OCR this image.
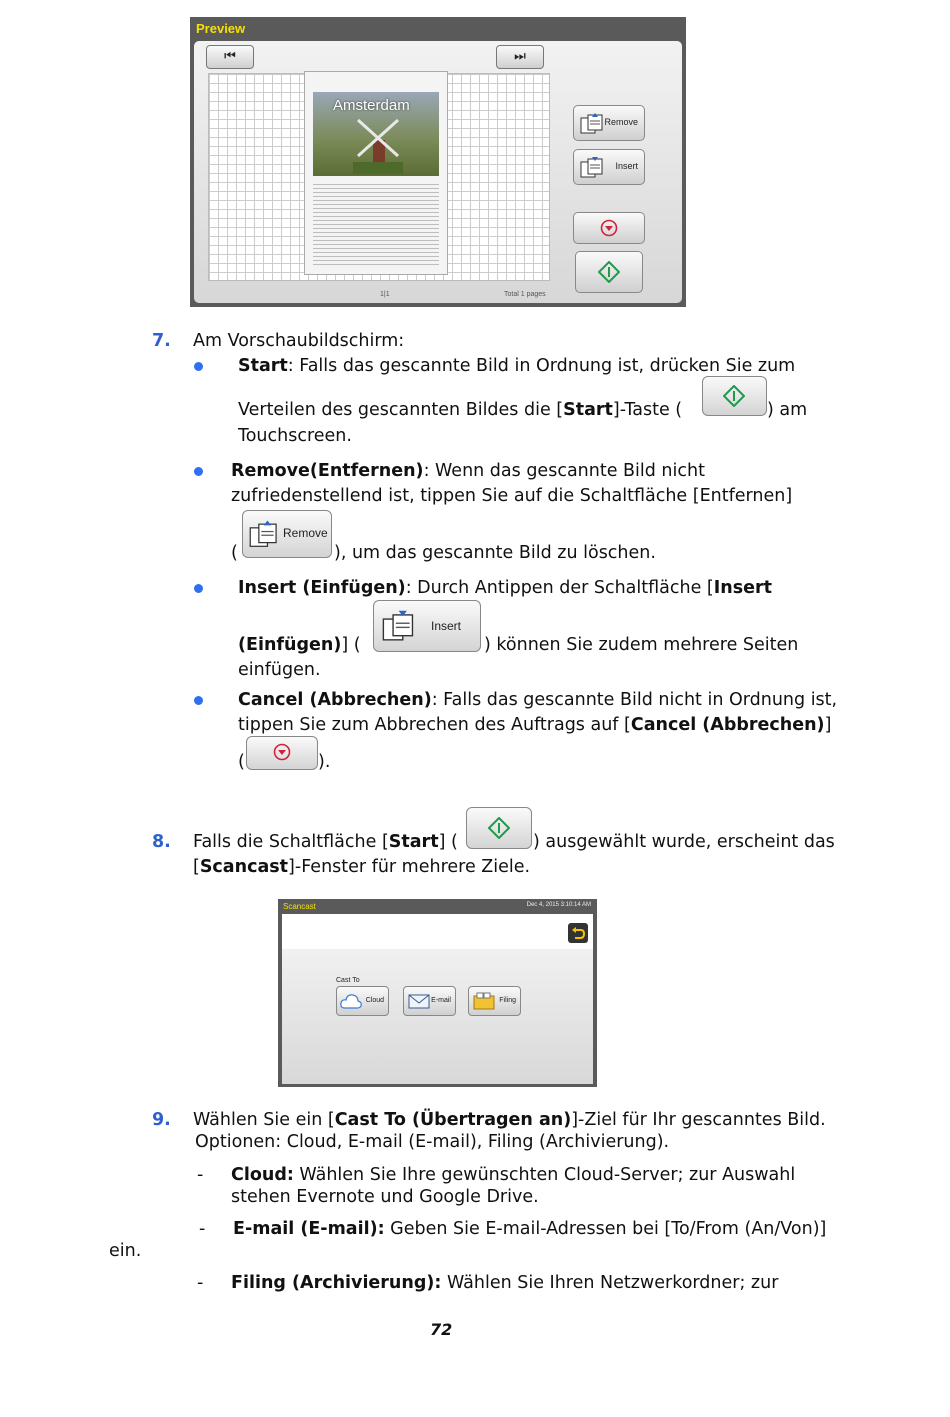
Preview
⏮	⏭
Amsterdam
1|1	Total 1 pages
Remove
Insert
7. Am Vorschaubildschirm:
Start: Falls das gescannte Bild in Ordnung ist, drücken Sie zum
Verteilen des gescannten Bildes die [Start]-Taste (	) am
Touchscreen.
Remove(Entfernen): Wenn das gescannte Bild nicht
zufriedenstellend ist, tippen Sie auf die Schaltfläche [Entfernen]
(
Remove
), um das gescannte Bild zu löschen.
Insert (Einfügen): Durch Antippen der Schaltfläche [Insert
(Einfügen)] (
Insert
) können Sie zudem mehrere Seiten
einfügen.
Cancel (Abbrechen): Falls das gescannte Bild nicht in Ordnung ist,
tippen Sie zum Abbrechen des Auftrags auf [Cancel (Abbrechen)]
(	).
8. Falls die Schaltfläche [Start] (	) ausgewählt wurde, erscheint das
[Scancast]-Fenster für mehrere Ziele.
Scancast	Dec 4, 2015 3:10:14 AM
Cast To
Cloud	E-mail	Filing
9. Wählen Sie ein [Cast To (Übertragen an)]-Ziel für Ihr gescanntes Bild.
Optionen: Cloud, E-mail (E-mail), Filing (Archivierung).
- Cloud: Wählen Sie Ihre gewünschten Cloud-Server; zur Auswahl
stehen Evernote und Google Drive.
- E-mail (E-mail): Geben Sie E-mail-Adressen bei [To/From (An/Von)]
ein.
- Filing (Archivierung): Wählen Sie Ihren Netzwerkordner; zur
72
